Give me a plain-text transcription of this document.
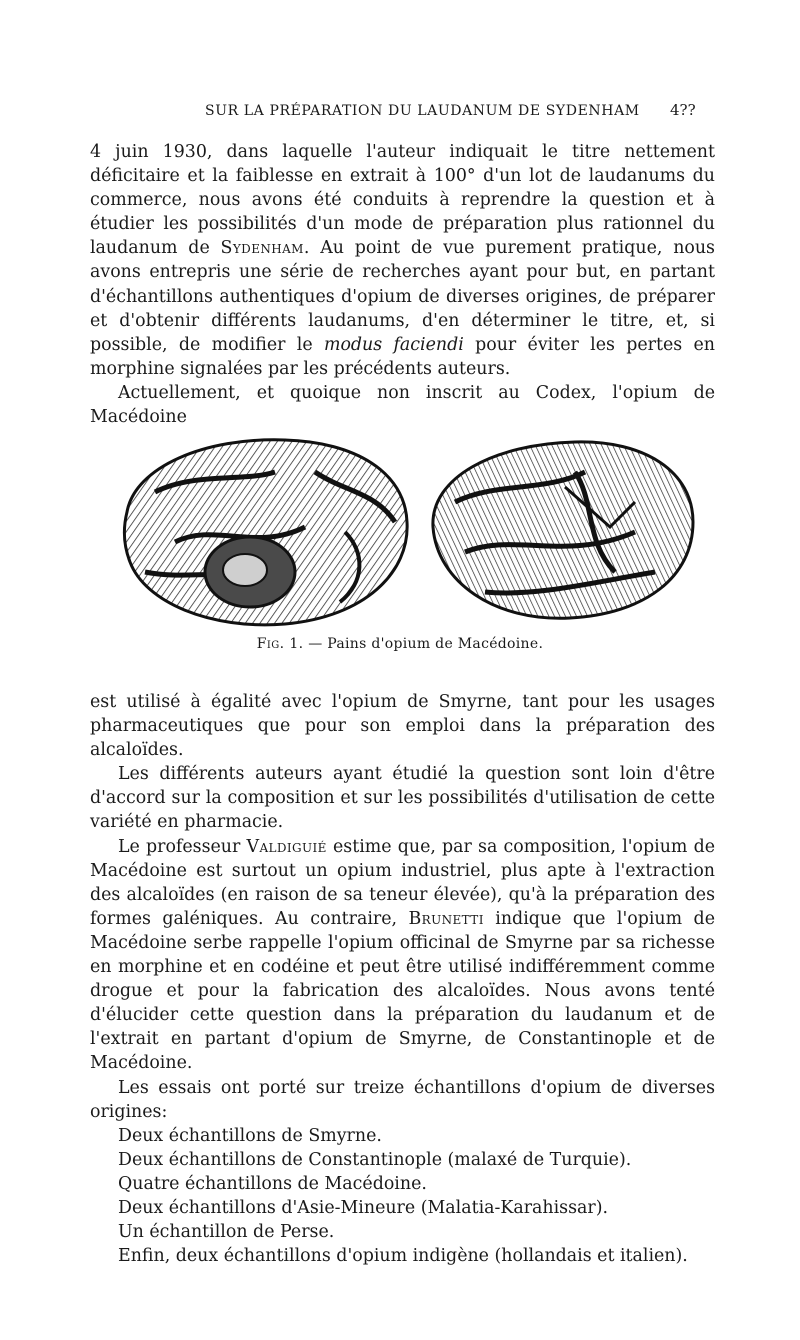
SUR LA PRÉPARATION DU LAUDANUM DE SYDENHAM 4??

4 juin 1930, dans laquelle l'auteur indiquait le titre nettement déficitaire et la faiblesse en extrait à 100° d'un lot de laudanums du commerce, nous avons été conduits à reprendre la question et à étudier les possibilités d'un mode de préparation plus rationnel du laudanum de Sydenham. Au point de vue purement pratique, nous avons entrepris une série de recherches ayant pour but, en partant d'échantillons authentiques d'opium de diverses origines, de préparer et d'obtenir différents laudanums, d'en déterminer le titre, et, si possible, de modifier le modus faciendi pour éviter les pertes en morphine signalées par les précédents auteurs.

Actuellement, et quoique non inscrit au Codex, l'opium de Macédoine

Fig. 1. — Pains d'opium de Macédoine.

est utilisé à égalité avec l'opium de Smyrne, tant pour les usages pharmaceutiques que pour son emploi dans la préparation des alcaloïdes.

Les différents auteurs ayant étudié la question sont loin d'être d'accord sur la composition et sur les possibilités d'utilisation de cette variété en pharmacie.

Le professeur Valdiguié estime que, par sa composition, l'opium de Macédoine est surtout un opium industriel, plus apte à l'extraction des alcaloïdes (en raison de sa teneur élevée), qu'à la préparation des formes galéniques. Au contraire, Brunetti indique que l'opium de Macédoine serbe rappelle l'opium officinal de Smyrne par sa richesse en morphine et en codéine et peut être utilisé indifféremment comme drogue et pour la fabrication des alcaloïdes. Nous avons tenté d'élucider cette question dans la préparation du laudanum et de l'extrait en partant d'opium de Smyrne, de Constantinople et de Macédoine.

Les essais ont porté sur treize échantillons d'opium de diverses origines:

Deux échantillons de Smyrne.

Deux échantillons de Constantinople (malaxé de Turquie).

Quatre échantillons de Macédoine.

Deux échantillons d'Asie-Mineure (Malatia-Karahissar).

Un échantillon de Perse.

Enfin, deux échantillons d'opium indigène (hollandais et italien).
